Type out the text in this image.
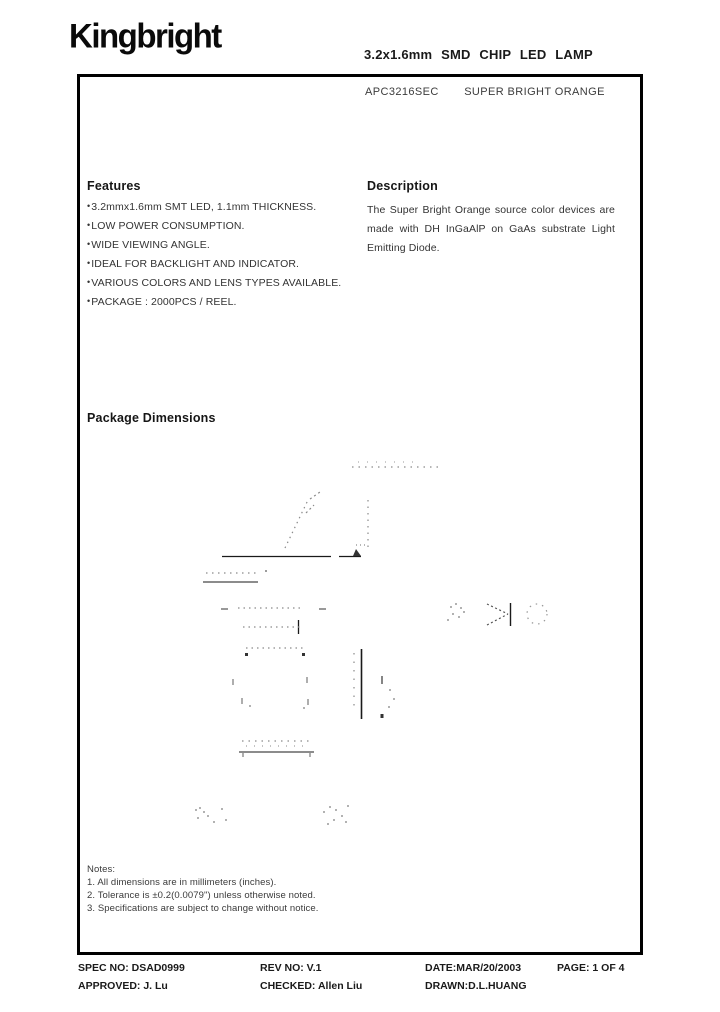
Kingbright	3.2x1.6mm SMD CHIP LED LAMP
APC3216SEC SUPER BRIGHT ORANGE
Features
•3.2mmx1.6mm SMT LED, 1.1mm THICKNESS.
•LOW POWER CONSUMPTION.
•WIDE VIEWING ANGLE.
•IDEAL FOR BACKLIGHT AND INDICATOR.
•VARIOUS COLORS AND LENS TYPES AVAILABLE.
•PACKAGE : 2000PCS / REEL.
Description
The Super Bright Orange source color devices are made with DH InGaAlP on GaAs substrate Light Emitting Diode.
Package Dimensions
Notes:
1. All dimensions are in millimeters (inches).
2. Tolerance is ±0.2(0.0079") unless otherwise noted.
3. Specifications are subject to change without notice.
SPEC NO: DSAD0999	REV NO: V.1	DATE:MAR/20/2003	PAGE: 1 OF 4
APPROVED: J. Lu	CHECKED: Allen Liu	DRAWN:D.L.HUANG
